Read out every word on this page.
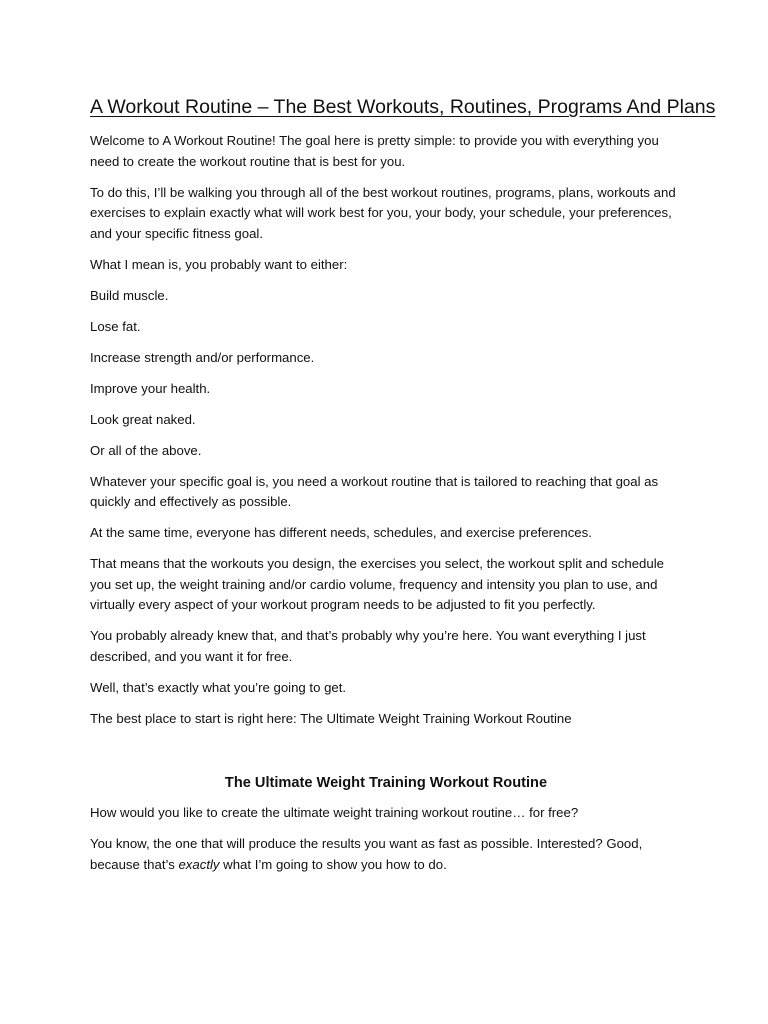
A Workout Routine – The Best Workouts, Routines, Programs And Plans

Welcome to A Workout Routine! The goal here is pretty simple: to provide you with everything you need to create the workout routine that is best for you.

To do this, I’ll be walking you through all of the best workout routines, programs, plans, workouts and exercises to explain exactly what will work best for you, your body, your schedule, your preferences, and your specific fitness goal.

What I mean is, you probably want to either:

Build muscle.

Lose fat.

Increase strength and/or performance.

Improve your health.

Look great naked.

Or all of the above.

Whatever your specific goal is, you need a workout routine that is tailored to reaching that goal as quickly and effectively as possible.

At the same time, everyone has different needs, schedules, and exercise preferences.

That means that the workouts you design, the exercises you select, the workout split and schedule you set up, the weight training and/or cardio volume, frequency and intensity you plan to use, and virtually every aspect of your workout program needs to be adjusted to fit you perfectly.

You probably already knew that, and that’s probably why you’re here. You want everything I just described, and you want it for free.

Well, that’s exactly what you’re going to get.

The best place to start is right here: The Ultimate Weight Training Workout Routine

The Ultimate Weight Training Workout Routine

How would you like to create the ultimate weight training workout routine… for free?

You know, the one that will produce the results you want as fast as possible. Interested? Good, because that’s exactly what I’m going to show you how to do.
